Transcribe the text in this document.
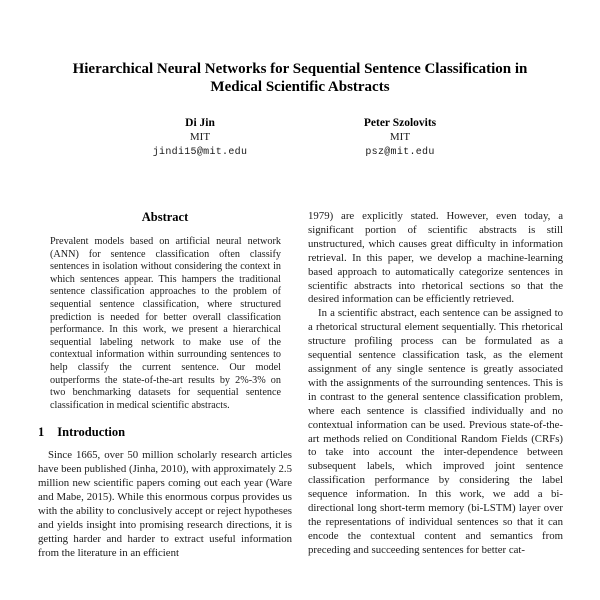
Hierarchical Neural Networks for Sequential Sentence Classification in
Medical Scientific Abstracts
Di Jin
MIT
jindi15@mit.edu
Peter Szolovits
MIT
psz@mit.edu
Abstract

Prevalent models based on artificial neural network (ANN) for sentence classification often classify sentences in isolation without considering the context in which sentences appear. This hampers the traditional sentence classification approaches to the problem of sequential sentence classification, where structured prediction is needed for better overall classification performance. In this work, we present a hierarchical sequential labeling network to make use of the contextual information within surrounding sentences to help classify the current sentence. Our model outperforms the state-of-the-art results by 2%-3% on two benchmarking datasets for sequential sentence classification in medical scientific abstracts.

1 Introduction

Since 1665, over 50 million scholarly research articles have been published (Jinha, 2010), with approximately 2.5 million new scientific papers coming out each year (Ware and Mabe, 2015). While this enormous corpus provides us with the ability to conclusively accept or reject hypotheses and yields insight into promising research directions, it is getting harder and harder to extract useful information from the literature in an efficient

1979) are explicitly stated. However, even today, a significant portion of scientific abstracts is still unstructured, which causes great difficulty in information retrieval. In this paper, we develop a machine-learning based approach to automatically categorize sentences in scientific abstracts into rhetorical sections so that the desired information can be efficiently retrieved.

In a scientific abstract, each sentence can be assigned to a rhetorical structural element sequentially. This rhetorical structure profiling process can be formulated as a sequential sentence classification task, as the element assignment of any single sentence is greatly associated with the assignments of the surrounding sentences. This is in contrast to the general sentence classification problem, where each sentence is classified individually and no contextual information can be used. Previous state-of-the-art methods relied on Conditional Random Fields (CRFs) to take into account the inter-dependence between subsequent labels, which improved joint sentence classification performance by considering the label sequence information. In this work, we add a bi-directional long short-term memory (bi-LSTM) layer over the representations of individual sentences so that it can encode the contextual content and semantics from preceding and succeeding sentences for better cat-
